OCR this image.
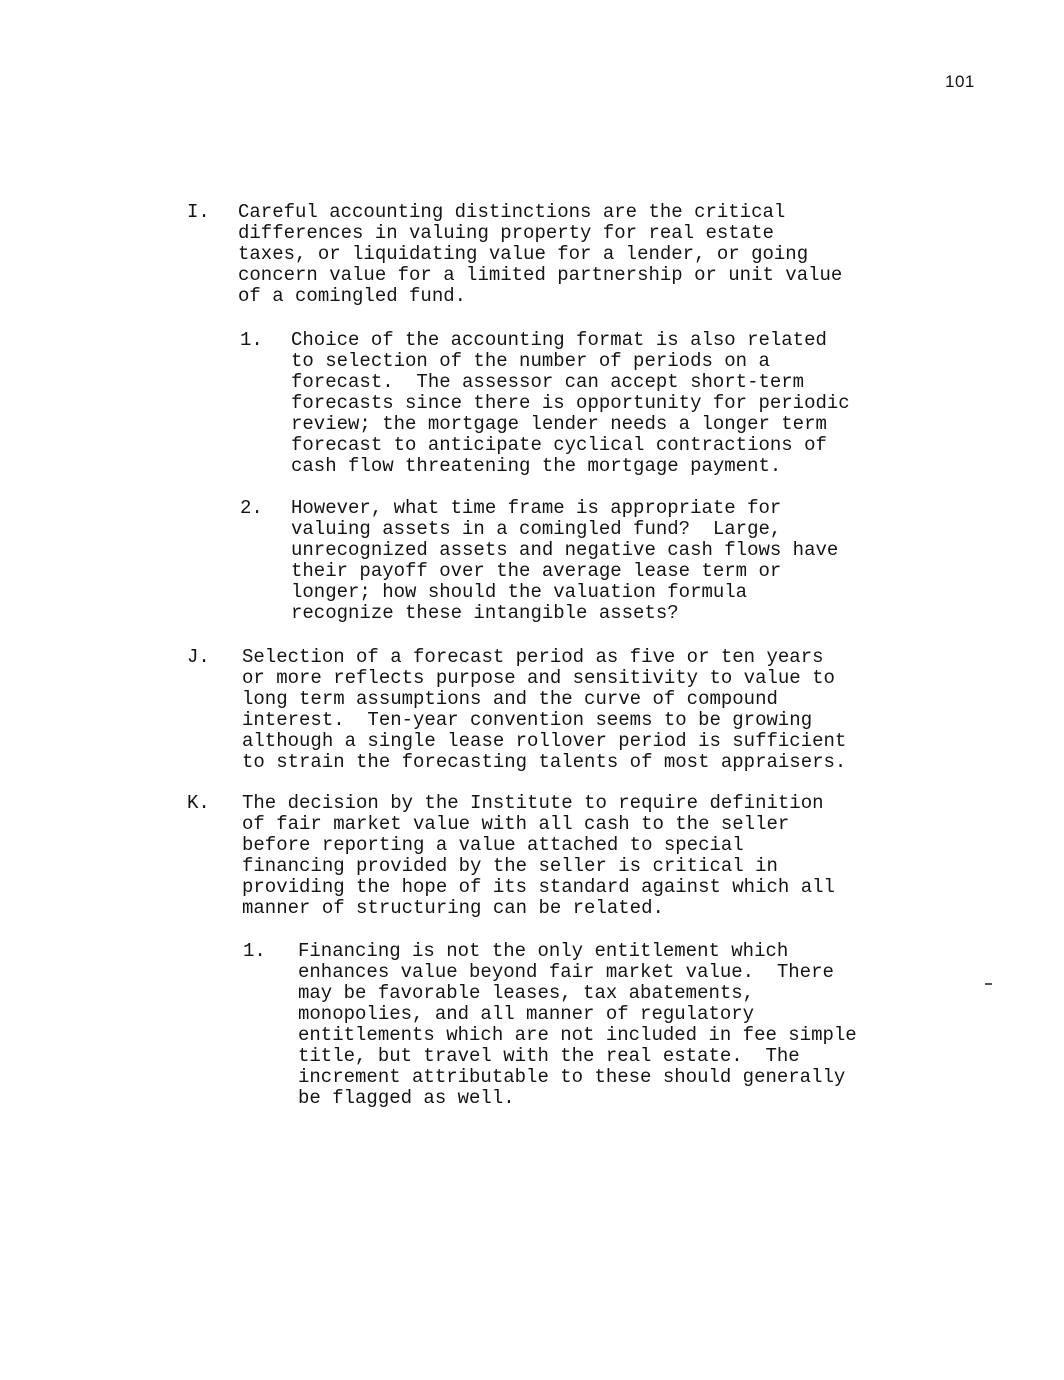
101
I. Careful accounting distinctions are the critical
differences in valuing property for real estate
taxes, or liquidating value for a lender, or going
concern value for a limited partnership or unit value
of a comingled fund.
1. Choice of the accounting format is also related
to selection of the number of periods on a
forecast.  The assessor can accept short-term
forecasts since there is opportunity for periodic
review; the mortgage lender needs a longer term
forecast to anticipate cyclical contractions of
cash flow threatening the mortgage payment.
2. However, what time frame is appropriate for
valuing assets in a comingled fund?  Large,
unrecognized assets and negative cash flows have
their payoff over the average lease term or
longer; how should the valuation formula
recognize these intangible assets?
J. Selection of a forecast period as five or ten years
or more reflects purpose and sensitivity to value to
long term assumptions and the curve of compound
interest.  Ten-year convention seems to be growing
although a single lease rollover period is sufficient
to strain the forecasting talents of most appraisers.
K. The decision by the Institute to require definition
of fair market value with all cash to the seller
before reporting a value attached to special
financing provided by the seller is critical in
providing the hope of its standard against which all
manner of structuring can be related.
1. Financing is not the only entitlement which
enhances value beyond fair market value.  There
may be favorable leases, tax abatements,
monopolies, and all manner of regulatory
entitlements which are not included in fee simple
title, but travel with the real estate.  The
increment attributable to these should generally
be flagged as well.
